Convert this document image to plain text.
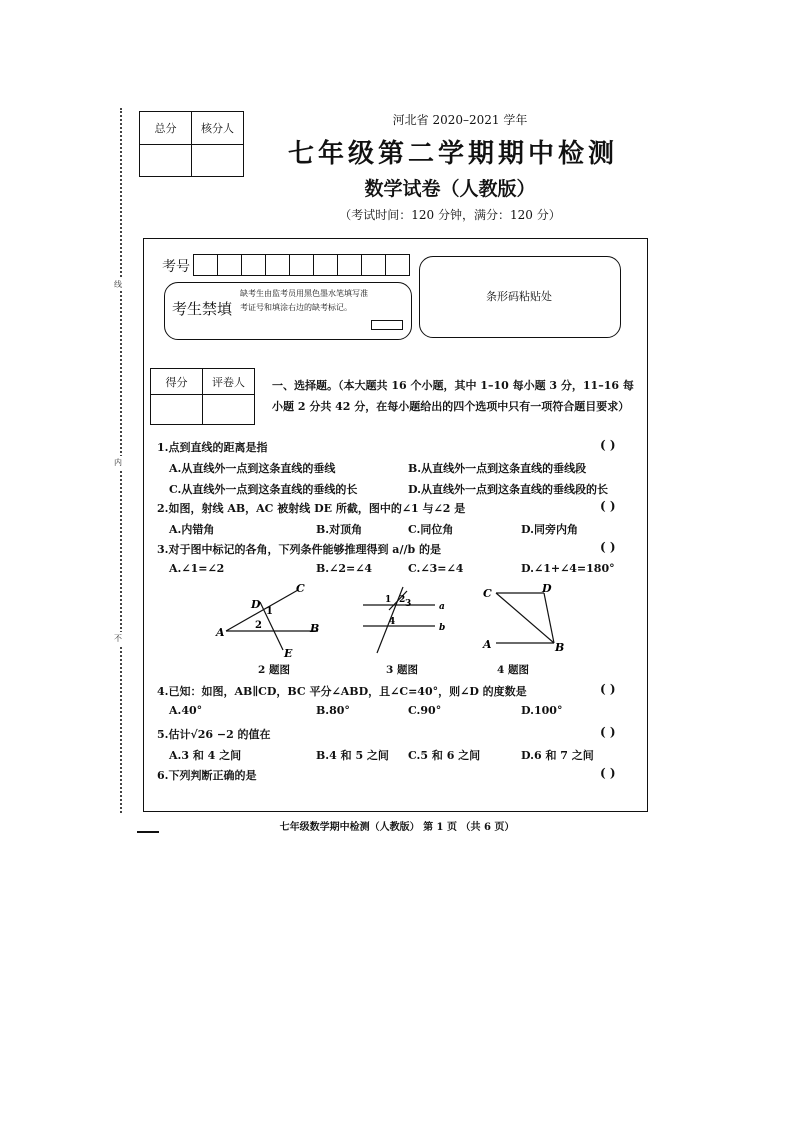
线
内
不
总分	核分人

河北省 2020–2021 学年
七年级第二学期期中检测
数学试卷（人教版）
（考试时间：120 分钟，满分：120 分）
考号
考生禁填
缺考生由监考员用黑色墨水笔填写准考证号和填涂右边的缺考标记。
条形码粘贴处
得分	评卷人
	一、选择题。（本大题共 16 个小题，其中 1–10 每小题 3 分，11–16 每小题 2 分共 42 分，在每小题给出的四个选项中只有一项符合题目要求）
1.点到直线的距离是指	( )
A.从直线外一点到这条直线的垂线	B.从直线外一点到这条直线的垂线段
C.从直线外一点到这条直线的垂线的长	D.从直线外一点到这条直线的垂线段的长
2.如图，射线 AB，AC 被射线 DE 所截，图中的∠1 与∠2 是	( )
A.内错角	B.对顶角	C.同位角	D.同旁内角
3.对于图中标记的各角，下列条件能够推理得到 a//b 的是	( )
A.∠1=∠2	B.∠2=∠4	C.∠3=∠4	D.∠1+∠4=180°
A	B
C
D
E
1
2
2 题图
1 2 3
4
a
b
3 题图
A	B
C	D
4 题图
4.已知：如图，AB∥CD，BC 平分∠ABD，且∠C=40°，则∠D 的度数是	( )
A.40°	B.80°	C.90°	D.100°
5.估计√26 −2 的值在	( )
A.3 和 4 之间	B.4 和 5 之间 C.5 和 6 之间	D.6 和 7 之间
6.下列判断正确的是	( )
七年级数学期中检测（人教版） 第 1 页 （共 6 页）
